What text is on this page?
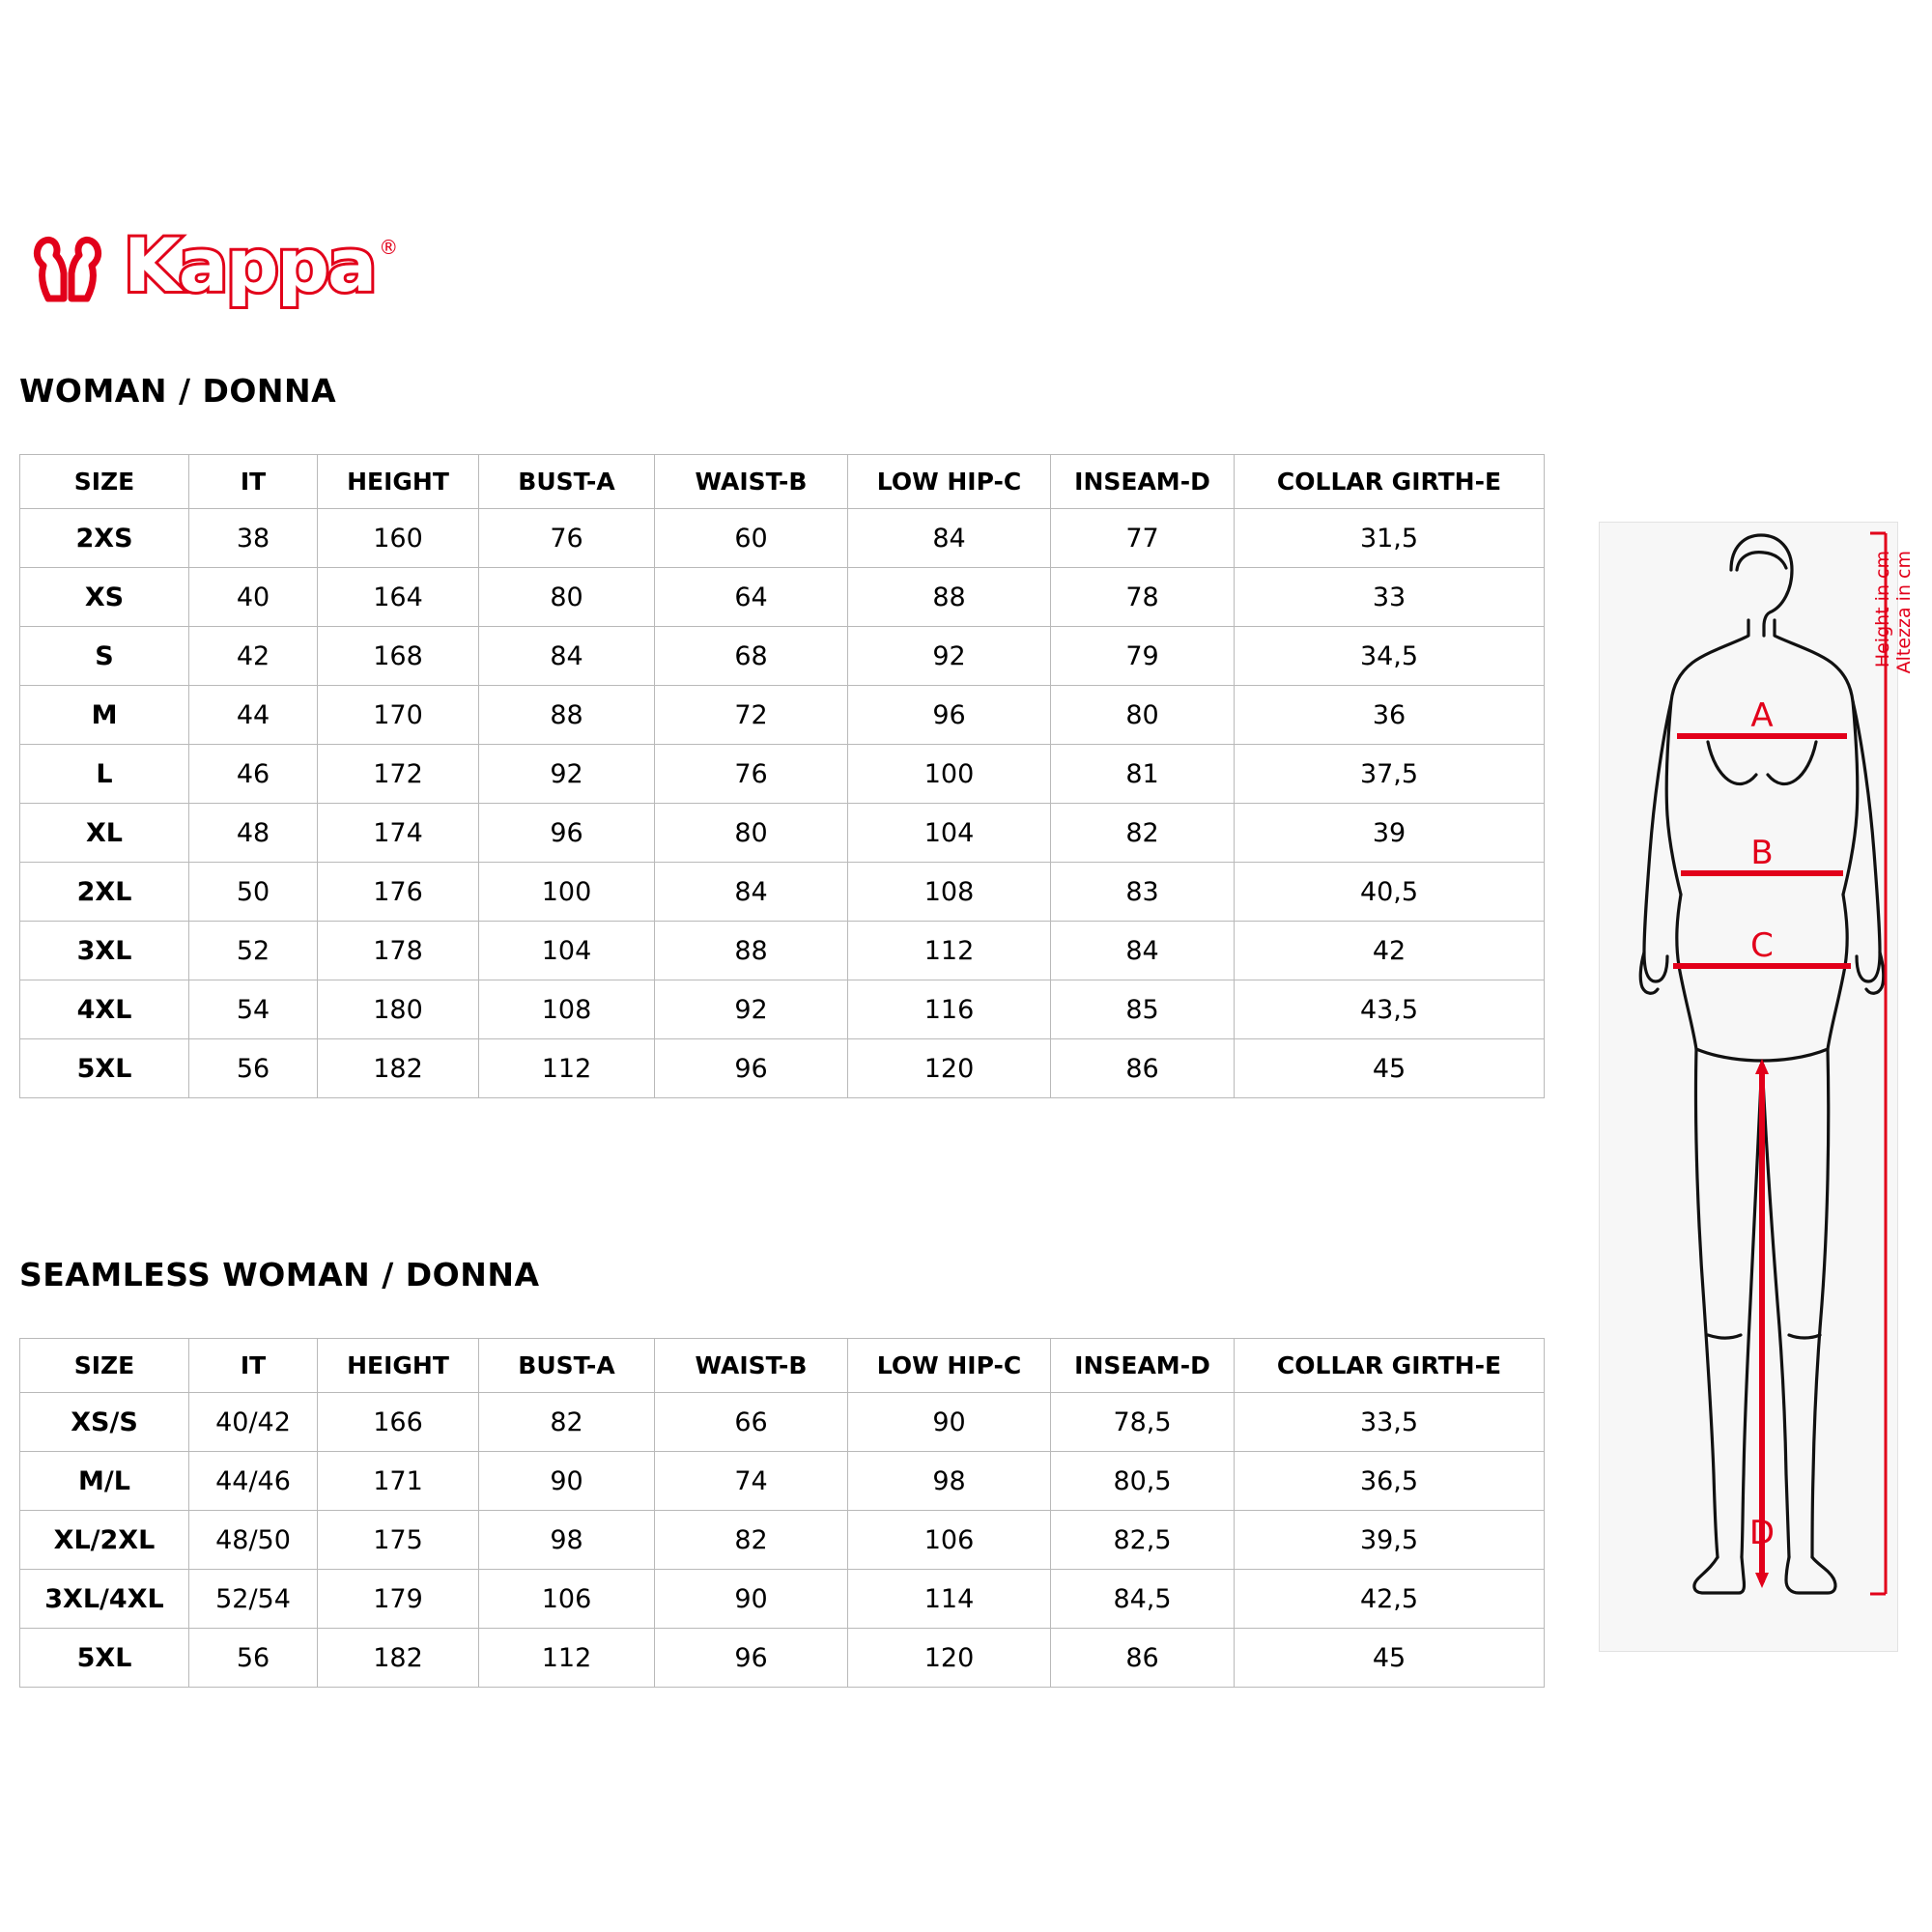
Kappa ®
WOMAN / DONNA
SIZE	IT	HEIGHT	BUST-A	WAIST-B	LOW HIP-C	INSEAM-D	COLLAR GIRTH-E
2XS	38	160	76	60	84	77	31,5
XS	40	164	80	64	88	78	33
S	42	168	84	68	92	79	34,5
M	44	170	88	72	96	80	36
L	46	172	92	76	100	81	37,5
XL	48	174	96	80	104	82	39
2XL	50	176	100	84	108	83	40,5
3XL	52	178	104	88	112	84	42
4XL	54	180	108	92	116	85	43,5
5XL	56	182	112	96	120	86	45
SEAMLESS WOMAN / DONNA
SIZE	IT	HEIGHT	BUST-A	WAIST-B	LOW HIP-C	INSEAM-D	COLLAR GIRTH-E
XS/S	40/42	166	82	66	90	78,5	33,5
M/L	44/46	171	90	74	98	80,5	36,5
XL/2XL	48/50	175	98	82	106	82,5	39,5
3XL/4XL	52/54	179	106	90	114	84,5	42,5
5XL	56	182	112	96	120	86	45
A
B
C
D
Height in cm Altezza in cm
